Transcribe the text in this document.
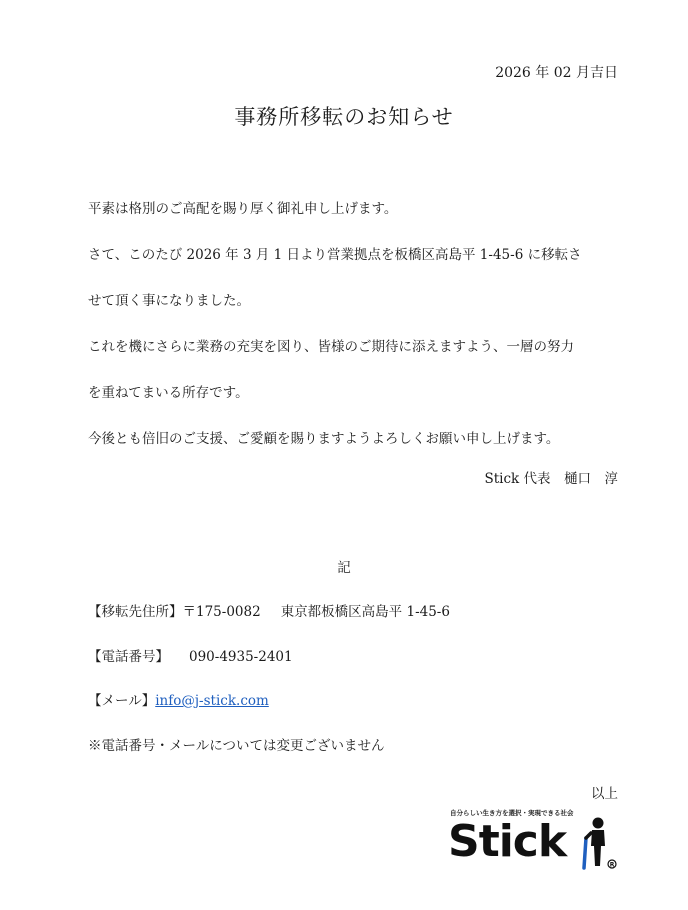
2026 年 02 月吉日
事務所移転のお知らせ

平素は格別のご高配を賜り厚く御礼申し上げます。

さて、このたび 2026 年 3 月 1 日より営業拠点を板橋区高島平 1-45-6 に移転さ

せて頂く事になりました。

これを機にさらに業務の充実を図り、皆様のご期待に添えますよう、一層の努力

を重ねてまいる所存です。

今後とも倍旧のご支援、ご愛顧を賜りますようよろしくお願い申し上げます。

Stick 代表　樋口　淳
記
【移転先住所】〒175-0082 東京都板橋区高島平 1-45-6
【電話番号】 090-4935-2401
【メール】info@j-stick.com
※電話番号・メールについては変更ございません
以上
自分らしい生き方を選択・実現できる社会
Stick	R
